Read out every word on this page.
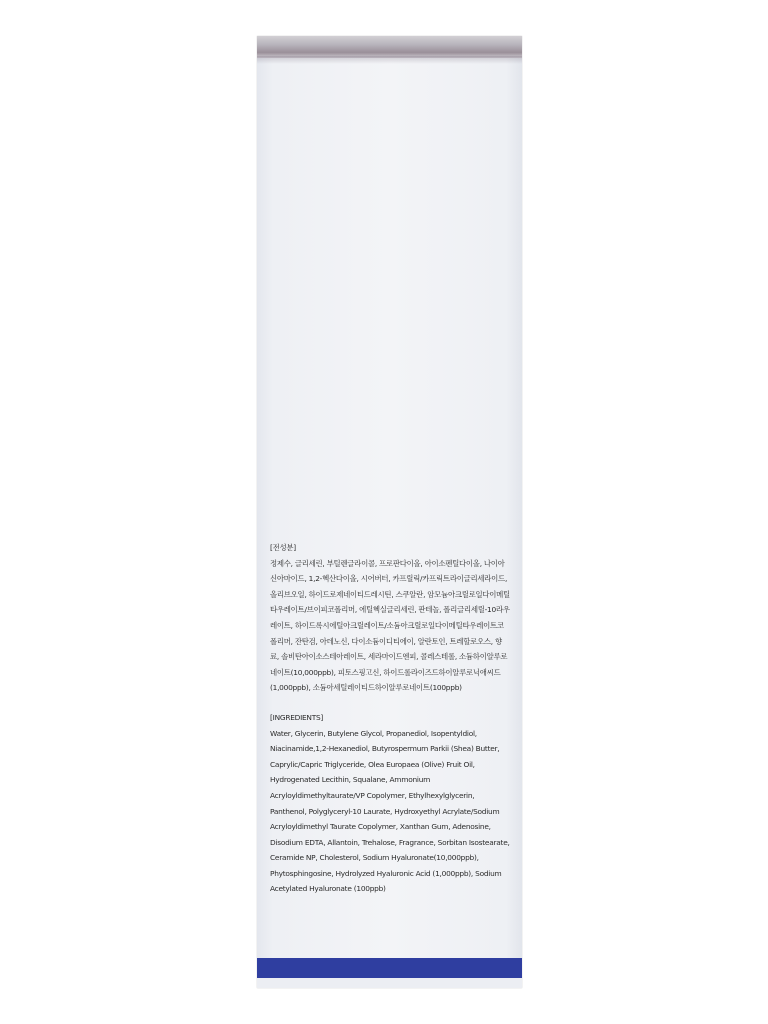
[전성분]

정제수, 글리세린, 부틸렌글라이콜, 프로판다이올, 아이소펜틸다이올, 나이아신아마이드, 1,2-헥산다이올, 시어버터, 카프릴릭/카프릭트라이글리세라이드, 올리브오일, 하이드로제네이티드레시틴, 스쿠알란, 암모늄아크릴로일다이메틸타우레이트/브이피코폴리머, 에틸헥실글리세린, 판테놀, 폴리글리세릴-10라우레이트, 하이드록시에틸아크릴레이트/소듐아크릴로일다이메틸타우레이트코폴리머, 잔탄검, 아데노신, 다이소듐이디티에이, 알란토인, 트레할로오스, 향료, 솔비탄아이소스테아레이트, 세라마이드엔피, 콜레스테롤, 소듐하이알루로네이트(10,000ppb), 피토스핑고신, 하이드롤라이즈드하이알루로닉애씨드(1,000ppb), 소듐아세틸레이티드하이알루로네이트(100ppb)

[INGREDIENTS]

Water, Glycerin, Butylene Glycol, Propanediol, Isopentyldiol, Niacinamide,1,2-Hexanediol, Butyrospermum Parkii (Shea) Butter, Caprylic/Capric Triglyceride, Olea Europaea (Olive) Fruit Oil, Hydrogenated Lecithin, Squalane, Ammonium Acryloyldimethyltaurate/VP Copolymer, Ethylhexylglycerin, Panthenol, Polyglyceryl-10 Laurate, Hydroxyethyl Acrylate/Sodium Acryloyldimethyl Taurate Copolymer, Xanthan Gum, Adenosine, Disodium EDTA, Allantoin, Trehalose, Fragrance, Sorbitan Isostearate, Ceramide NP, Cholesterol, Sodium Hyaluronate(10,000ppb), Phytosphingosine, Hydrolyzed Hyaluronic Acid (1,000ppb), Sodium Acetylated Hyaluronate (100ppb)
